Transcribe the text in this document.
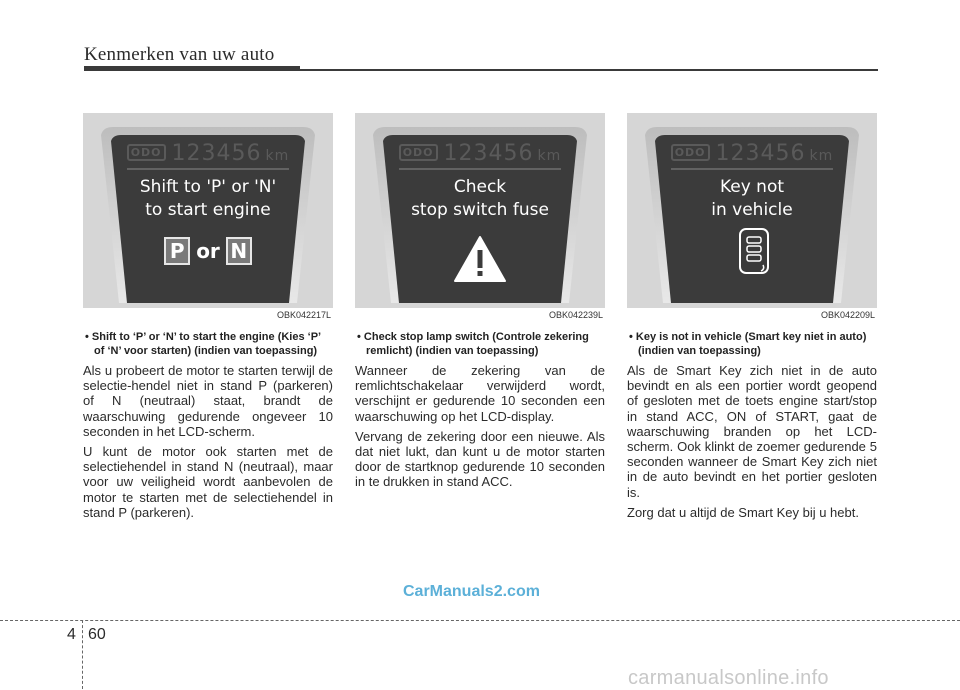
Kenmerken van uw auto
ODO 123456 km
Shift to 'P' or 'N'
to start engine
P or N
OBK042217L
• Shift to ‘P’ or ‘N’ to start the engine (Kies ‘P’ of ‘N’ voor starten) (indien van toepassing)
Als u probeert de motor te starten terwijl de selectie-hendel niet in stand P (parkeren) of N (neutraal) staat, brandt de waarschuwing gedurende ongeveer 10 seconden in het LCD-scherm.
U kunt de motor ook starten met de selectiehendel in stand N (neutraal), maar voor uw veiligheid wordt aanbevolen de motor te starten met de selectiehendel in stand P (parkeren).
ODO 123456 km
Check
stop switch fuse
OBK042239L
• Check stop lamp switch (Controle zekering remlicht) (indien van toepassing)
Wanneer de zekering van de remlichtschakelaar verwijderd wordt, verschijnt er gedurende 10 seconden een waarschuwing op het LCD-display.
Vervang de zekering door een nieuwe. Als dat niet lukt, dan kunt u de motor starten door de startknop gedurende 10 seconden in te drukken in stand ACC.
ODO 123456 km
Key not
in vehicle
OBK042209L
• Key is not in vehicle (Smart key niet in auto) (indien van toepassing)
Als de Smart Key zich niet in de auto bevindt en als een portier wordt geopend of gesloten met de toets engine start/stop in stand ACC, ON of START, gaat de waarschuwing branden op het LCD-scherm. Ook klinkt de zoemer gedurende 5 seconden wanneer de Smart Key zich niet in de auto bevindt en het portier gesloten is.
Zorg dat u altijd de Smart Key bij u hebt.
CarManuals2.com
4 60
carmanualsonline.info
